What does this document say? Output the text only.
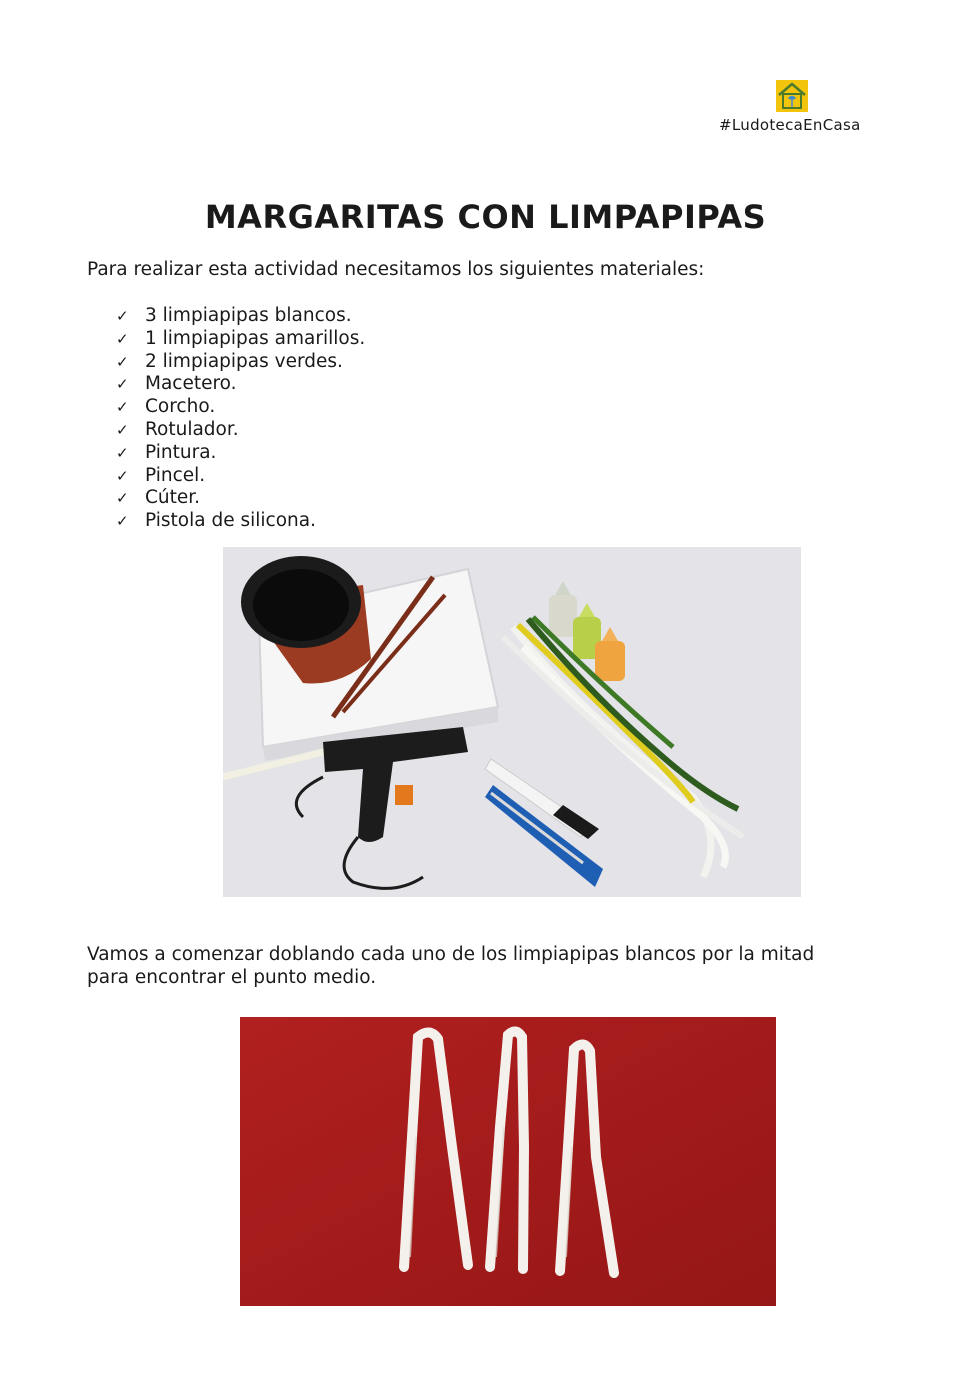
#LudotecaEnCasa
MARGARITAS CON LIMPAPIPAS

Para realizar esta actividad necesitamos los siguientes materiales:

✓ 3 limpiapipas blancos.
✓ 1 limpiapipas amarillos.
✓ 2 limpiapipas verdes.
✓ Macetero.
✓ Corcho.
✓ Rotulador.
✓ Pintura.
✓ Pincel.
✓ Cúter.
✓ Pistola de silicona.

Vamos a comenzar doblando cada uno de los limpiapipas blancos por la mitad
para encontrar el punto medio.
